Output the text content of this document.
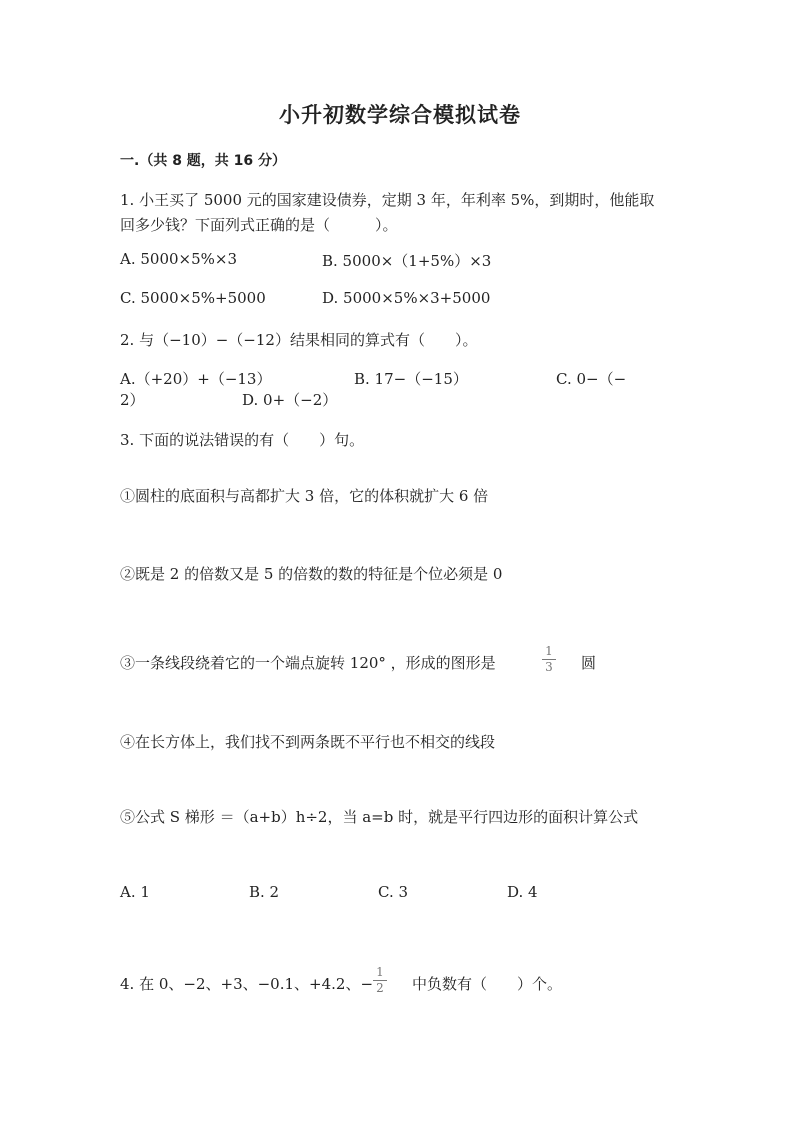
小升初数学综合模拟试卷
一.（共 8 题，共 16 分）
1. 小王买了 5000 元的国家建设债券，定期 3 年，年利率 5%，到期时，他能取
回多少钱？下面列式正确的是（　　　）。
A. 5000×5%×3	B. 5000×（1+5%）×3
C. 5000×5%+5000	D. 5000×5%×3+5000
2. 与（−10）−（−12）结果相同的算式有（　　）。
A.（+20）+（−13）	B. 17−（−15）	C. 0−（−
2）	D. 0+（−2）
3. 下面的说法错误的有（　　）句。
①圆柱的底面积与高都扩大 3 倍，它的体积就扩大 6 倍
②既是 2 的倍数又是 5 的倍数的数的特征是个位必须是 0
③一条线段绕着它的一个端点旋转 120° ，形成的图形是
1
3 圆
④在长方体上，我们找不到两条既不平行也不相交的线段
⑤公式 S 梯形 ＝（a+b）h÷2，当 a=b 时，就是平行四边形的面积计算公式
A. 1	B. 2	C. 3	D. 4
4. 在 0、−2、+3、−0.1、+4.2、−
1
2 中负数有（　　）个。
